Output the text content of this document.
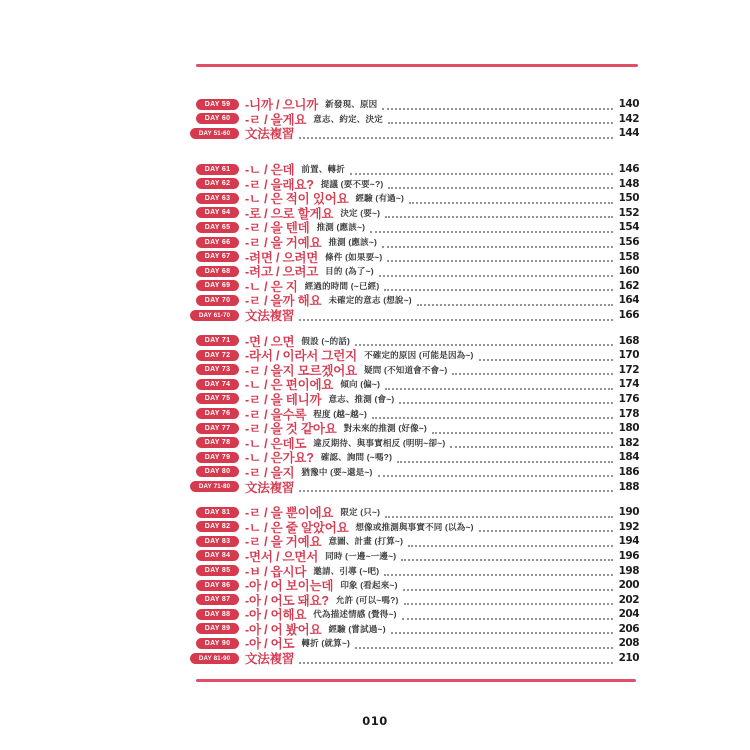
DAY 59	-니까 / 으니까 新發現、原因	140
DAY 60	-ㄹ / 을게요 意志、約定、決定	142
DAY 51-60	文法複習	144
DAY 61	-ㄴ / 은데 前置、轉折	146
DAY 62	-ㄹ / 을래요? 提議 (要不要~?)	148
DAY 63	-ㄴ / 은 적이 있어요 經驗 (有過~)	150
DAY 64	-로 / 으로 할게요 決定 (要~)	152
DAY 65	-ㄹ / 을 텐데 推測 (應該~)	154
DAY 66	-ㄹ / 을 거예요 推測 (應該~)	156
DAY 67	-려면 / 으려면 條件 (如果要~)	158
DAY 68	-려고 / 으려고 目的 (為了~)	160
DAY 69	-ㄴ / 은 지 經過的時間 (~已經)	162
DAY 70	-ㄹ / 을까 해요 未確定的意志 (想說~)	164
DAY 61-70	文法複習	166
DAY 71	-면 / 으면 假設 (~的話)	168
DAY 72	-라서 / 이라서 그런지 不確定的原因 (可能是因為~)	170
DAY 73	-ㄹ / 을지 모르겠어요 疑問 (不知道會不會~)	172
DAY 74	-ㄴ / 은 편이에요 傾向 (偏~)	174
DAY 75	-ㄹ / 을 테니까 意志、推測 (會~)	176
DAY 76	-ㄹ / 을수록 程度 (越~越~)	178
DAY 77	-ㄹ / 을 것 같아요 對未來的推測 (好像~)	180
DAY 78	-ㄴ / 은데도 違反期待、與事實相反 (明明~卻~)	182
DAY 79	-ㄴ / 은가요? 確認、詢問 (~嗎?)	184
DAY 80	-ㄹ / 을지 猶豫中 (要~還是~)	186
DAY 71-80	文法複習	188
DAY 81	-ㄹ / 을 뿐이에요 限定 (只~)	190
DAY 82	-ㄴ / 은 줄 알았어요 想像或推測與事實不同 (以為~)	192
DAY 83	-ㄹ / 을 거예요 意圖、計畫 (打算~)	194
DAY 84	-면서 / 으면서 同時 (一邊~一邊~)	196
DAY 85	-ㅂ / 읍시다 邀請、引導 (~吧)	198
DAY 86	-아 / 어 보이는데 印象 (看起來~)	200
DAY 87	-아 / 어도 돼요? 允許 (可以~嗎?)	202
DAY 88	-아 / 어해요 代為描述情感 (覺得~)	204
DAY 89	-아 / 어 봤어요 經驗 (嘗試過~)	206
DAY 90	-아 / 어도 轉折 (就算~)	208
DAY 81-90	文法複習	210
010
